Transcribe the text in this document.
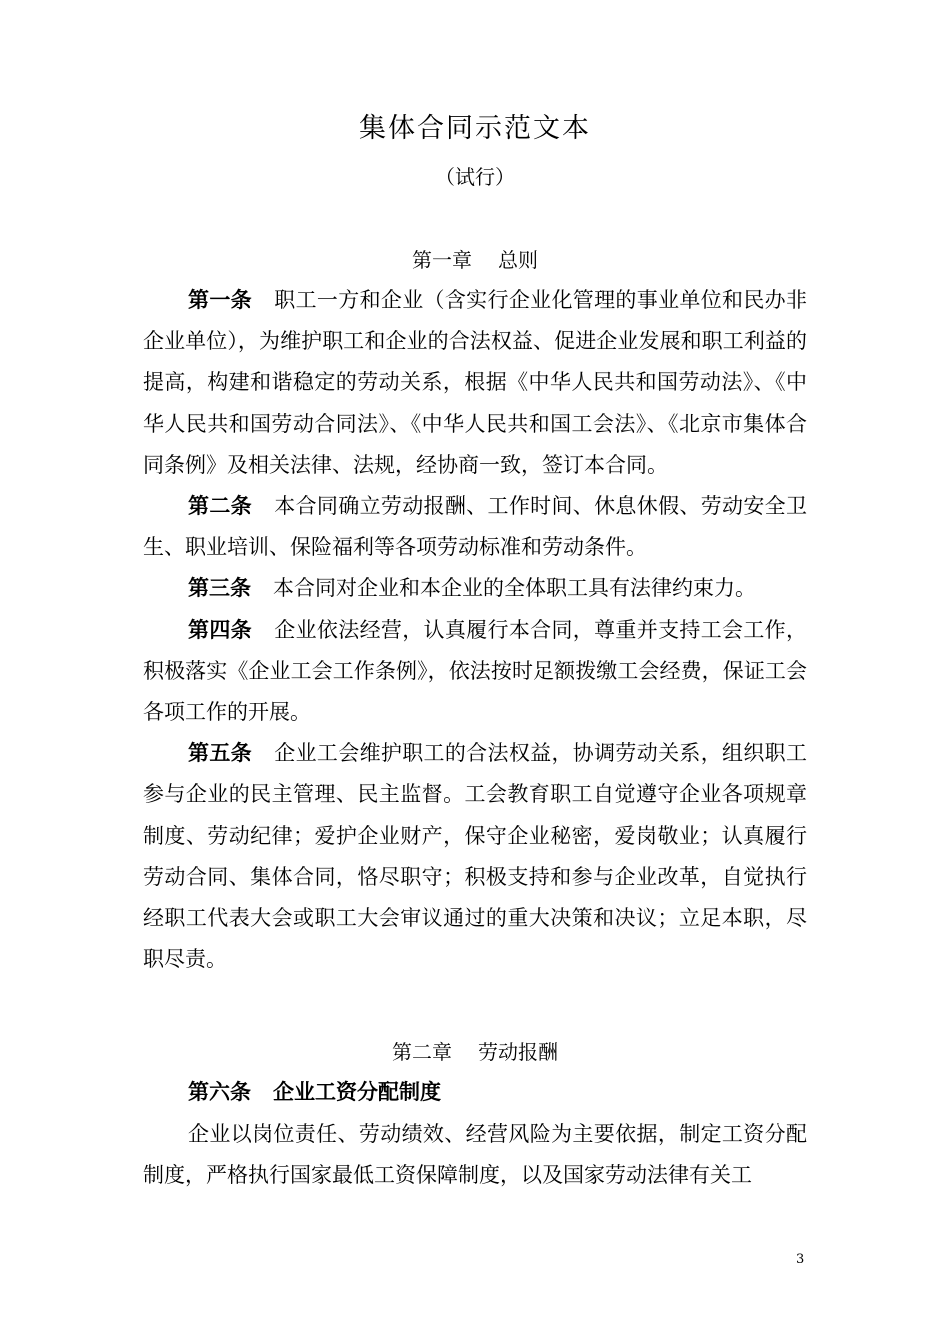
集体合同示范文本
（试行）
第一章 总则

第一条 职工一方和企业（含实行企业化管理的事业单位和民办非企业单位），为维护职工和企业的合法权益、促进企业发展和职工利益的提高，构建和谐稳定的劳动关系，根据《中华人民共和国劳动法》、《中华人民共和国劳动合同法》、《中华人民共和国工会法》、《北京市集体合同条例》及相关法律、法规，经协商一致，签订本合同。

第二条 本合同确立劳动报酬、工作时间、休息休假、劳动安全卫生、职业培训、保险福利等各项劳动标准和劳动条件。

第三条 本合同对企业和本企业的全体职工具有法律约束力。

第四条 企业依法经营，认真履行本合同，尊重并支持工会工作，积极落实《企业工会工作条例》，依法按时足额拨缴工会经费，保证工会各项工作的开展。

第五条 企业工会维护职工的合法权益，协调劳动关系，组织职工参与企业的民主管理、民主监督。工会教育职工自觉遵守企业各项规章制度、劳动纪律；爱护企业财产，保守企业秘密，爱岗敬业；认真履行劳动合同、集体合同，恪尽职守；积极支持和参与企业改革，自觉执行经职工代表大会或职工大会审议通过的重大决策和决议；立足本职，尽职尽责。

第二章 劳动报酬

第六条 企业工资分配制度

企业以岗位责任、劳动绩效、经营风险为主要依据，制定工资分配制度，严格执行国家最低工资保障制度，以及国家劳动法律有关工

3
